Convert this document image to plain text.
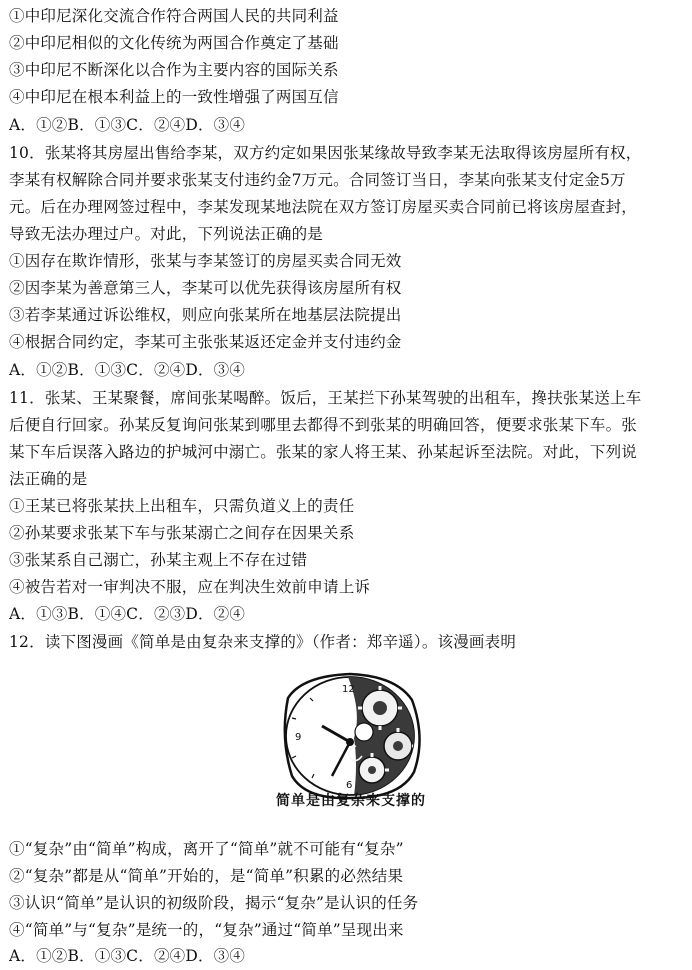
①中印尼深化交流合作符合两国人民的共同利益
②中印尼相似的文化传统为两国合作奠定了基础
③中印尼不断深化以合作为主要内容的国际关系
④中印尼在根本利益上的一致性增强了两国互信
A．①②B．①③C．②④D．③④
10．张某将其房屋出售给李某，双方约定如果因张某缘故导致李某无法取得该房屋所有权，
李某有权解除合同并要求张某支付违约金7万元。合同签订当日，李某向张某支付定金5万
元。后在办理网签过程中，李某发现某地法院在双方签订房屋买卖合同前已将该房屋查封，
导致无法办理过户。对此，下列说法正确的是
①因存在欺诈情形，张某与李某签订的房屋买卖合同无效
②因李某为善意第三人，李某可以优先获得该房屋所有权
③若李某通过诉讼维权，则应向张某所在地基层法院提出
④根据合同约定，李某可主张张某返还定金并支付违约金
A．①②B．①③C．②④D．③④
11．张某、王某聚餐，席间张某喝醉。饭后，王某拦下孙某驾驶的出租车，搀扶张某送上车
后便自行回家。孙某反复询问张某到哪里去都得不到张某的明确回答，便要求张某下车。张
某下车后误落入路边的护城河中溺亡。张某的家人将王某、孙某起诉至法院。对此，下列说
法正确的是
①王某已将张某扶上出租车，只需负道义上的责任
②孙某要求张某下车与张某溺亡之间存在因果关系
③张某系自己溺亡，孙某主观上不存在过错
④被告若对一审判决不服，应在判决生效前申请上诉
A．①③B．①④C．②③D．②④
12．读下图漫画《简单是由复杂来支撑的》（作者：郑辛遥）。该漫画表明
12
9
6
简单是由复杂来支撑的
①“复杂”由“简单”构成，离开了“简单”就不可能有“复杂”
②“复杂”都是从“简单”开始的，是“简单”积累的必然结果
③认识“简单”是认识的初级阶段，揭示“复杂”是认识的任务
④“简单”与“复杂”是统一的，“复杂”通过“简单”呈现出来
A．①②B．①③C．②④D．③④
